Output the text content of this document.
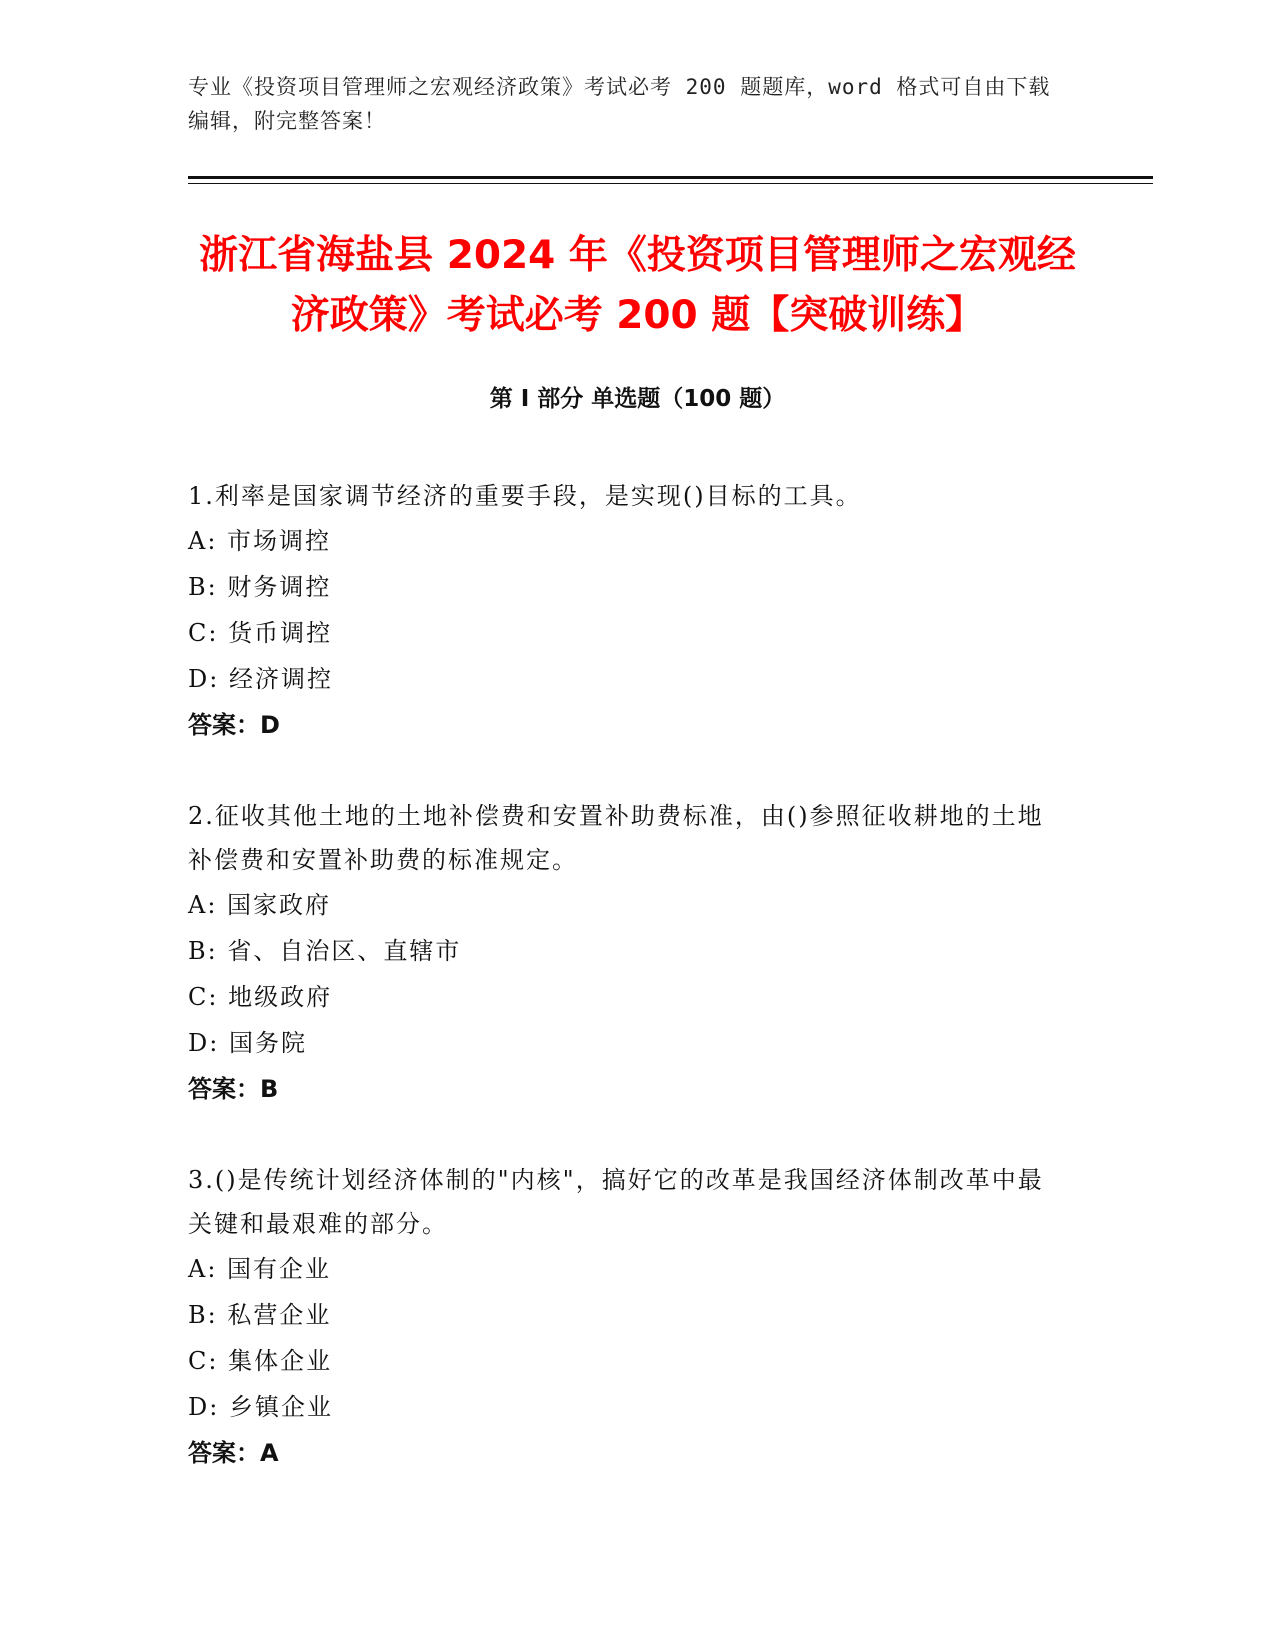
专业《投资项目管理师之宏观经济政策》考试必考 200 题题库，word 格式可自由下载编辑，附完整答案！
浙江省海盐县 2024 年《投资项目管理师之宏观经济政策》考试必考 200 题【突破训练】
第 I 部分 单选题（100 题）

1.利率是国家调节经济的重要手段，是实现()目标的工具。

A: 市场调控

B: 财务调控

C: 货币调控

D: 经济调控

答案：D

2.征收其他土地的土地补偿费和安置补助费标准，由()参照征收耕地的土地补偿费和安置补助费的标准规定。

A: 国家政府

B: 省、自治区、直辖市

C: 地级政府

D: 国务院

答案：B

3.()是传统计划经济体制的"内核"，搞好它的改革是我国经济体制改革中最关键和最艰难的部分。

A: 国有企业

B: 私营企业

C: 集体企业

D: 乡镇企业

答案：A
